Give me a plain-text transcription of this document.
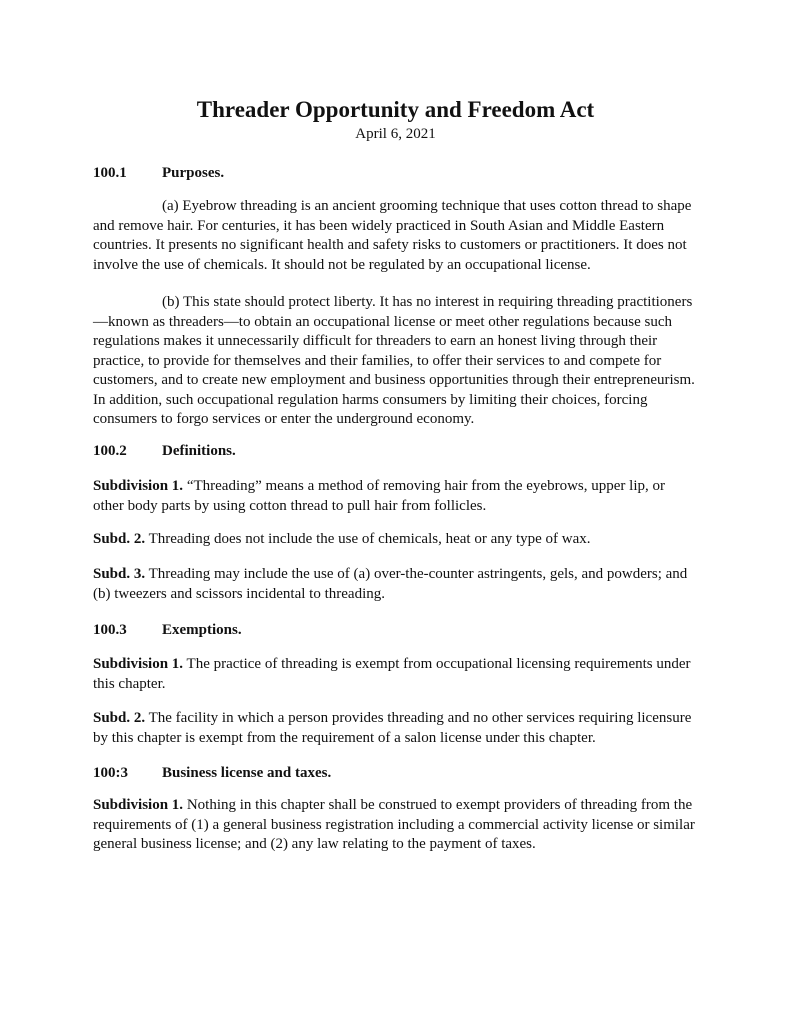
Threader Opportunity and Freedom Act
April 6, 2021
100.1 Purposes.

(a) Eyebrow threading is an ancient grooming technique that uses cotton thread to shape and remove hair. For centuries, it has been widely practiced in South Asian and Middle Eastern countries. It presents no significant health and safety risks to customers or practitioners. It does not involve the use of chemicals. It should not be regulated by an occupational license.

(b) This state should protect liberty. It has no interest in requiring threading practitioners—known as threaders—to obtain an occupational license or meet other regulations because such regulations makes it unnecessarily difficult for threaders to earn an honest living through their practice, to provide for themselves and their families, to offer their services to and compete for customers, and to create new employment and business opportunities through their entrepreneurism. In addition, such occupational regulation harms consumers by limiting their choices, forcing consumers to forgo services or enter the underground economy.

100.2 Definitions.

Subdivision 1. “Threading” means a method of removing hair from the eyebrows, upper lip, or other body parts by using cotton thread to pull hair from follicles.

Subd. 2. Threading does not include the use of chemicals, heat or any type of wax.

Subd. 3. Threading may include the use of (a) over-the-counter astringents, gels, and powders; and (b) tweezers and scissors incidental to threading.

100.3 Exemptions.

Subdivision 1. The practice of threading is exempt from occupational licensing requirements under this chapter.

Subd. 2. The facility in which a person provides threading and no other services requiring licensure by this chapter is exempt from the requirement of a salon license under this chapter.

100:3 Business license and taxes.

Subdivision 1. Nothing in this chapter shall be construed to exempt providers of threading from the requirements of (1) a general business registration including a commercial activity license or similar general business license; and (2) any law relating to the payment of taxes.
